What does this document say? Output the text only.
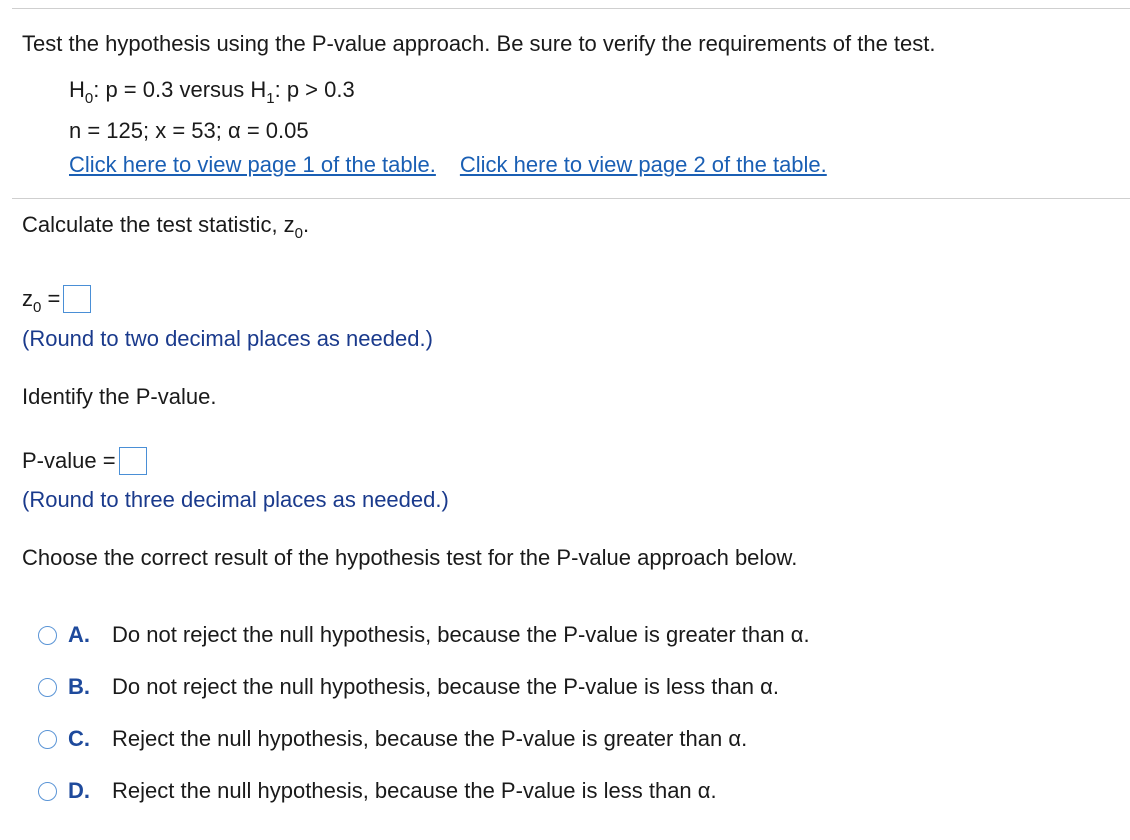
Test the hypothesis using the P-value approach. Be sure to verify the requirements of the test.
$H_0$: p = 0.3 versus $H_1$: p > 0.3
n = 125; x = 53; α = 0.05
Click here to view page 1 of the table. Click here to view page 2 of the table.
Calculate the test statistic, $z_0$.
$z_0$ =
(Round to two decimal places as needed.)
Identify the P-value.
P-value =
(Round to three decimal places as needed.)
Choose the correct result of the hypothesis test for the P-value approach below.
A.	Do not reject the null hypothesis, because the P-value is greater than α.
B.	Do not reject the null hypothesis, because the P-value is less than α.
C.	Reject the null hypothesis, because the P-value is greater than α.
D.	Reject the null hypothesis, because the P-value is less than α.
